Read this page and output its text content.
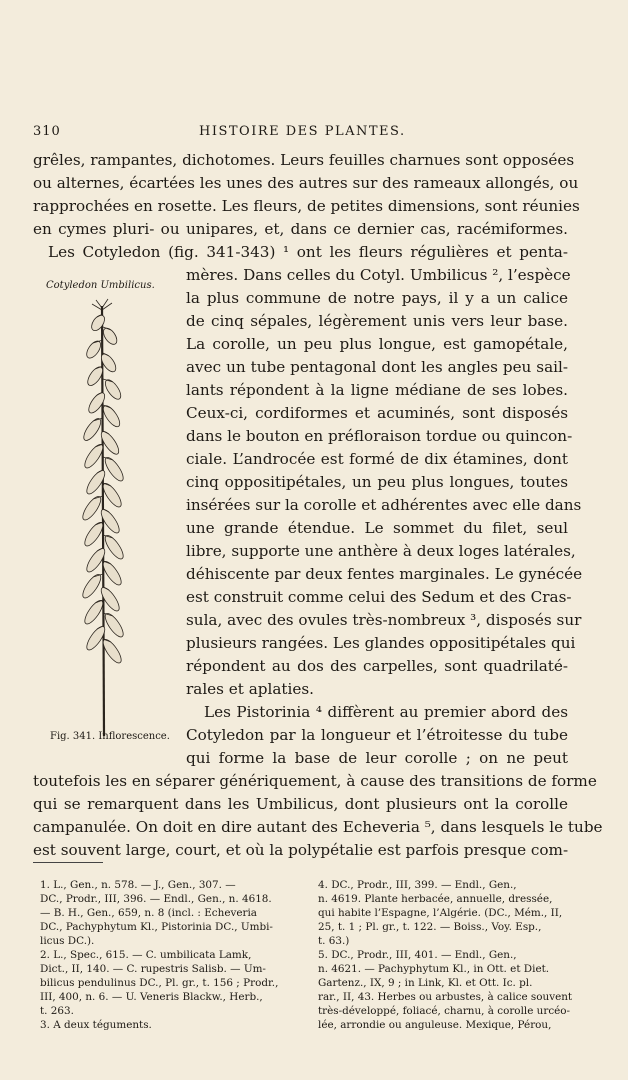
310	HISTOIRE DES PLANTES.
grêles, rampantes, dichotomes. Leurs feuilles charnues sont opposées
ou alternes, écartées les unes des autres sur des rameaux allongés, ou
rapprochées en rosette. Les fleurs, de petites dimensions, sont réunies
en cymes pluri- ou unipares, et, dans ce dernier cas, racémiformes.
Les Cotyledon (fig. 341-343) ¹ ont les fleurs régulières et penta-
mères. Dans celles du Cotyl. Umbilicus ², l’espèce
la plus commune de notre pays, il y a un calice
de cinq sépales, légèrement unis vers leur base.
La corolle, un peu plus longue, est gamopétale,
avec un tube pentagonal dont les angles peu sail-
lants répondent à la ligne médiane de ses lobes.
Ceux-ci, cordiformes et acuminés, sont disposés
dans le bouton en préfloraison tordue ou quincon-
ciale. L’androcée est formé de dix étamines, dont
cinq oppositipétales, un peu plus longues, toutes
insérées sur la corolle et adhérentes avec elle dans
une grande étendue. Le sommet du filet, seul
libre, supporte une anthère à deux loges latérales,
déhiscente par deux fentes marginales. Le gynécée
est construit comme celui des Sedum et des Cras-
sula, avec des ovules très-nombreux ³, disposés sur
plusieurs rangées. Les glandes oppositipétales qui
répondent au dos des carpelles, sont quadrilaté-
rales et aplaties.
Les Pistorinia ⁴ diffèrent au premier abord des
Cotyledon par la longueur et l’étroitesse du tube
qui forme la base de leur corolle ; on ne peut
toutefois les en séparer génériquement, à cause des transitions de forme
qui se remarquent dans les Umbilicus, dont plusieurs ont la corolle
campanulée. On doit en dire autant des Echeveria ⁵, dans lesquels le tube
est souvent large, court, et où la polypétalie est parfois presque com-
Cotyledon Umbilicus.
Fig. 341. Inflorescence.
1. L., Gen., n. 578. — J., Gen., 307. —
DC., Prodr., III, 396. — Endl., Gen., n. 4618.
— B. H., Gen., 659, n. 8 (incl. : Echeveria
DC., Pachyphytum Kl., Pistorinia DC., Umbi-
licus DC.).
2. L., Spec., 615. — C. umbilicata Lamk,
Dict., II, 140. — C. rupestris Salisb. — Um-
bilicus pendulinus DC., Pl. gr., t. 156 ; Prodr.,
III, 400, n. 6. — U. Veneris Blackw., Herb.,
t. 263.
3. A deux téguments.
4. DC., Prodr., III, 399. — Endl., Gen.,
n. 4619. Plante herbacée, annuelle, dressée,
qui habite l’Espagne, l’Algérie. (DC., Mém., II,
25, t. 1 ; Pl. gr., t. 122. — Boiss., Voy. Esp.,
t. 63.)
5. DC., Prodr., III, 401. — Endl., Gen.,
n. 4621. — Pachyphytum Kl., in Ott. et Diet.
Gartenz., IX, 9 ; in Link, Kl. et Ott. Ic. pl.
rar., II, 43. Herbes ou arbustes, à calice souvent
très-développé, foliacé, charnu, à corolle urcéo-
lée, arrondie ou anguleuse. Mexique, Pérou,
